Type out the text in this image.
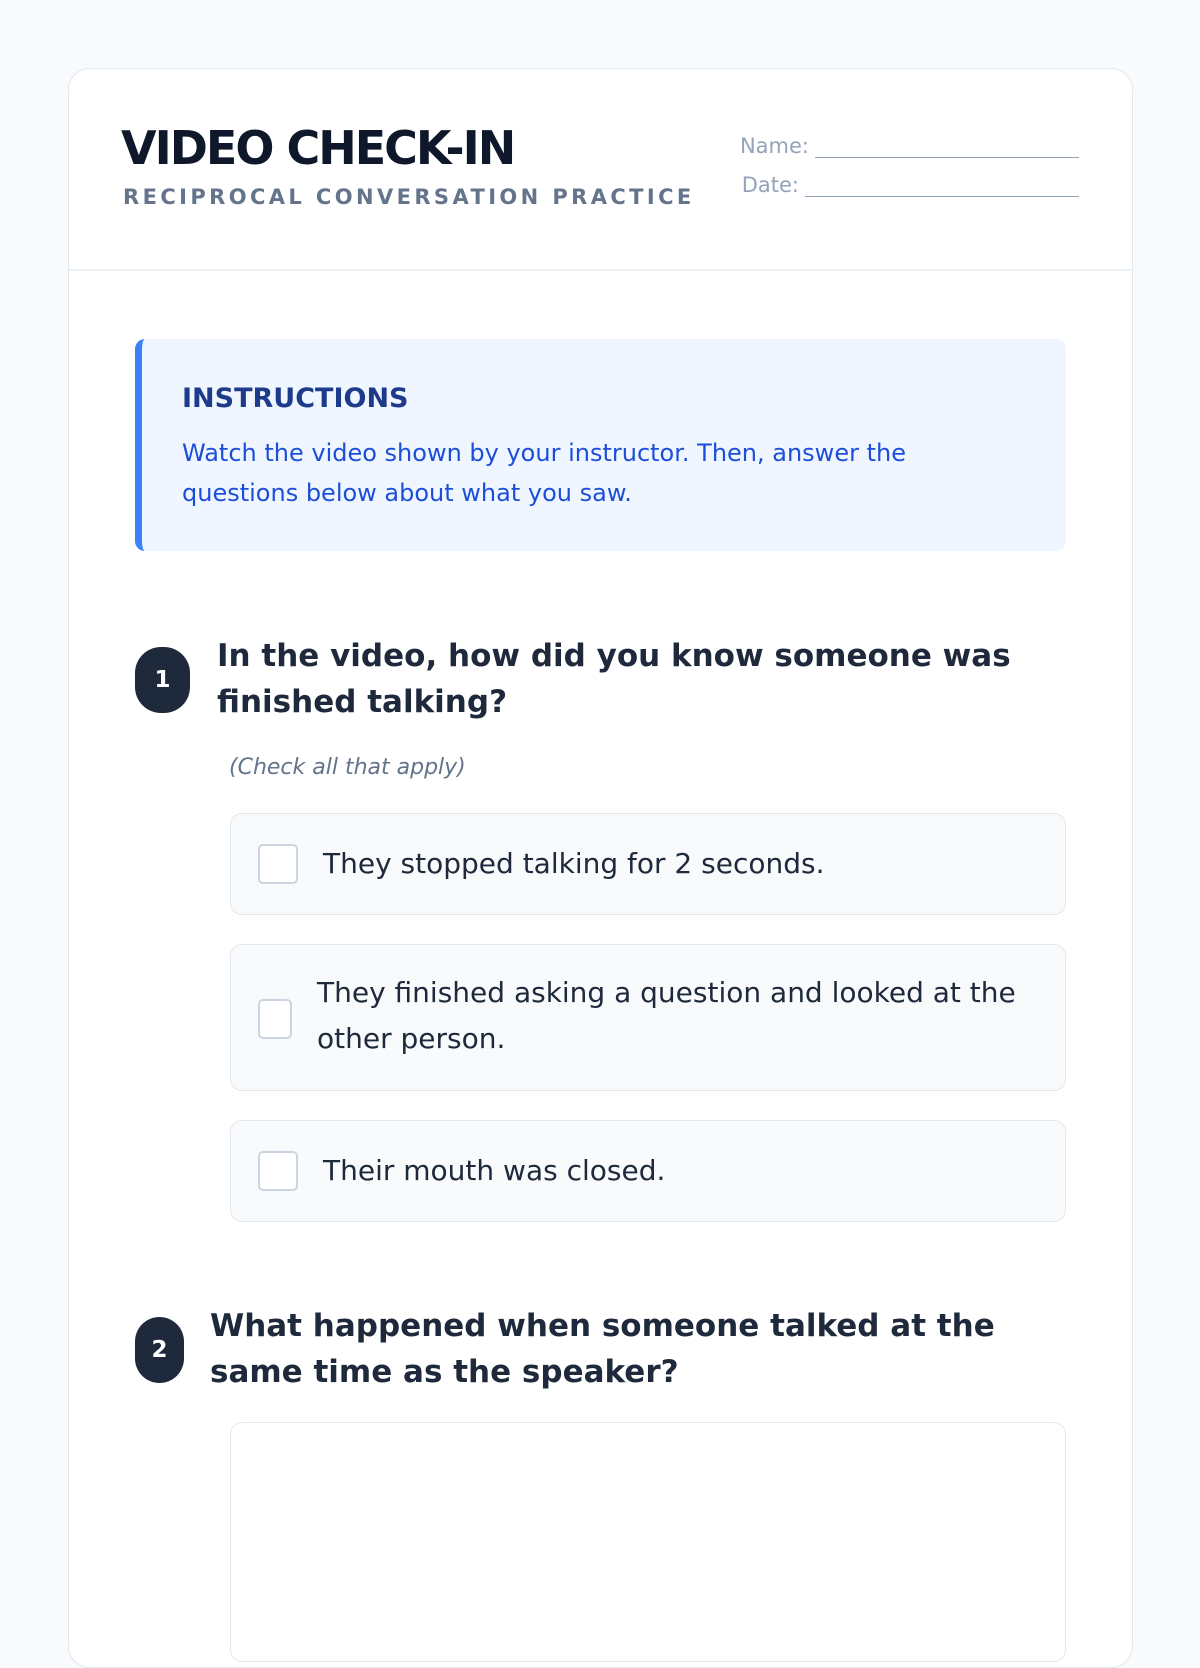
VIDEO CHECK-IN
RECIPROCAL CONVERSATION PRACTICE
Name:
Date:
INSTRUCTIONS
Watch the video shown by your instructor. Then, answer the questions below about what you saw.
1
In the video, how did you know someone was finished talking?
(Check all that apply)
They stopped talking for 2 seconds.
They finished asking a question and looked at the other person.
Their mouth was closed.
2
What happened when someone talked at the same time as the speaker?
